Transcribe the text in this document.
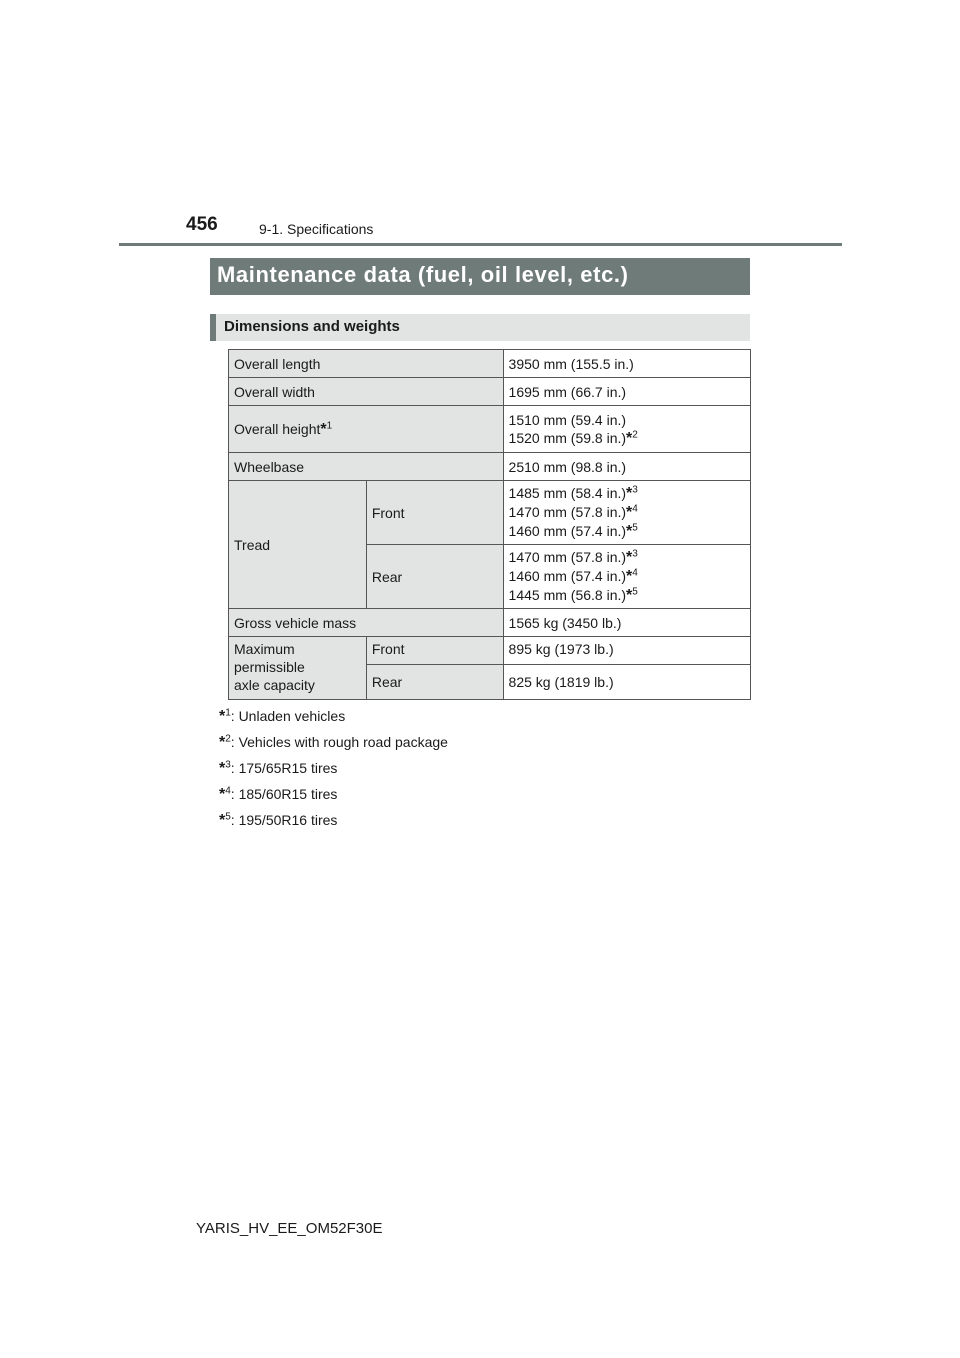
456	9-1. Specifications
Maintenance data (fuel, oil level, etc.)
Dimensions and weights
Overall length		3950 mm (155.5 in.)
Overall width		1695 mm (66.7 in.)
Overall height*$^1$		1510 mm (59.4 in.)
1520 mm (59.8 in.)*$^2$

Wheelbase		2510 mm (98.8 in.)
Tread	Front	1485 mm (58.4 in.)*$^3$
1470 mm (57.8 in.)*$^4$
1460 mm (57.4 in.)*$^5$

	Rear	1470 mm (57.8 in.)*$^3$
1460 mm (57.4 in.)*$^4$
1445 mm (56.8 in.)*$^5$

Gross vehicle mass		1565 kg (3450 lb.)

Maximum
permissible
axle capacity	Front	895 kg (1973 lb.)
	Rear	825 kg (1819 lb.)
*$^1$: Unladen vehicles
*$^2$: Vehicles with rough road package
*$^3$: 175/65R15 tires
*$^4$: 185/60R15 tires
*$^5$: 195/50R16 tires
YARIS_HV_EE_OM52F30E
